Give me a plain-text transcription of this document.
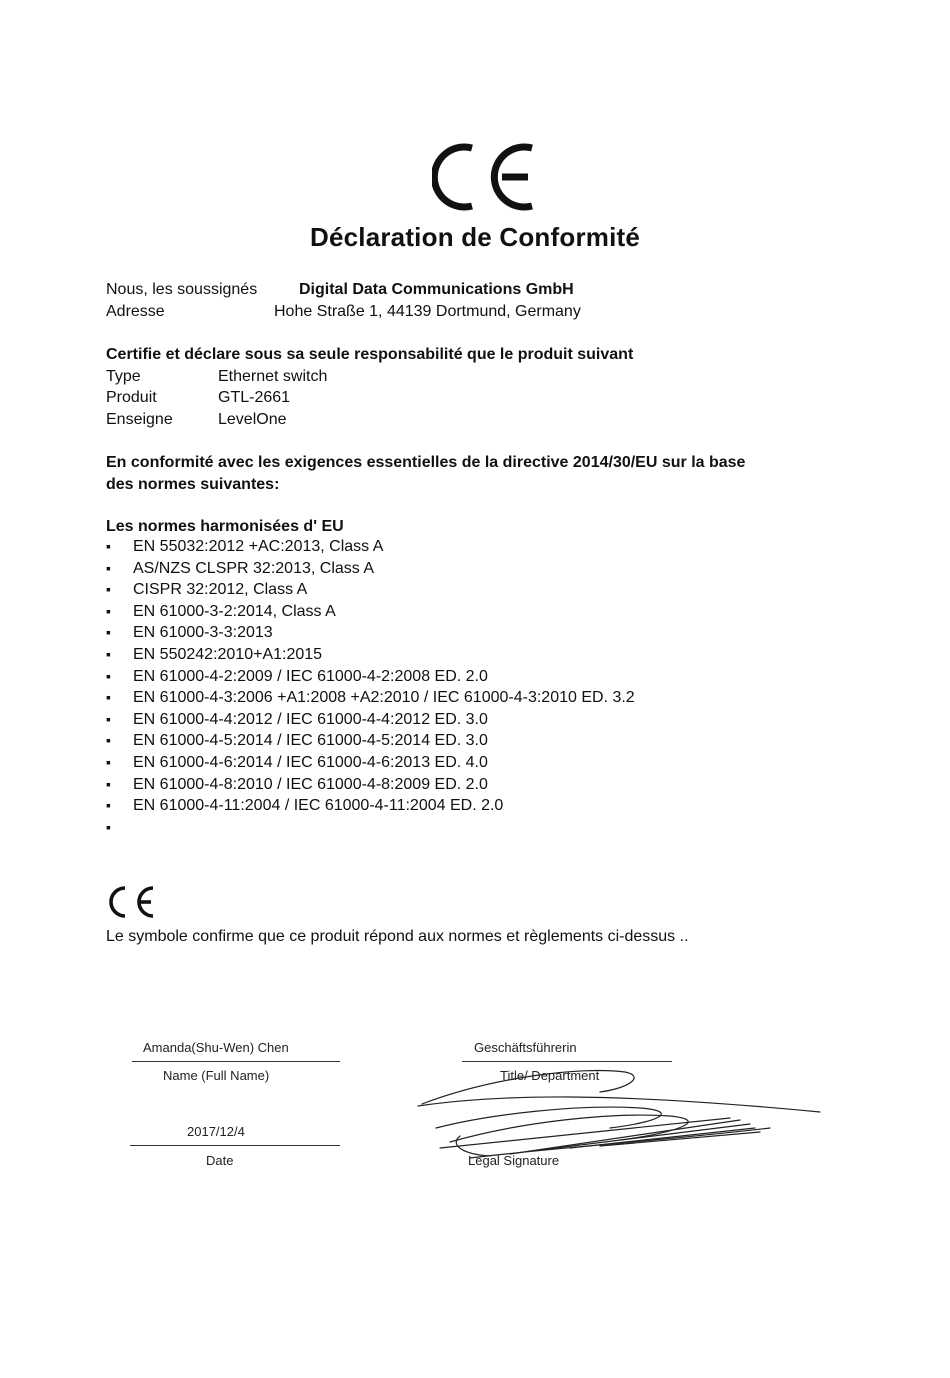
Déclaration de Conformité
Nous, les soussignés	Digital Data Communications GmbH
Adresse	Hohe Straße 1, 44139 Dortmund, Germany
Certifie et déclare sous sa seule responsabilité que le produit suivant
Type	Ethernet switch
Produit	GTL-2661
Enseigne	LevelOne
En conformité avec les exigences essentielles de la directive 2014/30/EU sur la base
des normes suivantes:
Les normes harmonisées d' EU
▪ EN 55032:2012 +AC:2013, Class A
▪ AS/NZS CLSPR 32:2013, Class A
▪ CISPR 32:2012, Class A
▪ EN 61000-3-2:2014, Class A
▪ EN 61000-3-3:2013
▪ EN 550242:2010+A1:2015
▪ EN 61000-4-2:2009 / IEC 61000-4-2:2008 ED. 2.0
▪ EN 61000-4-3:2006 +A1:2008 +A2:2010 / IEC 61000-4-3:2010 ED. 3.2
▪ EN 61000-4-4:2012 / IEC 61000-4-4:2012 ED. 3.0
▪ EN 61000-4-5:2014 / IEC 61000-4-5:2014 ED. 3.0
▪ EN 61000-4-6:2014 / IEC 61000-4-6:2013 ED. 4.0
▪ EN 61000-4-8:2010 / IEC 61000-4-8:2009 ED. 2.0
▪ EN 61000-4-11:2004 / IEC 61000-4-11:2004 ED. 2.0
▪
Le symbole confirme que ce produit répond aux normes et règlements ci-dessus ..
Amanda(Shu-Wen) Chen
Name (Full Name)
2017/12/4
Date
Geschäftsführerin
Title/ Department
Legal Signature
